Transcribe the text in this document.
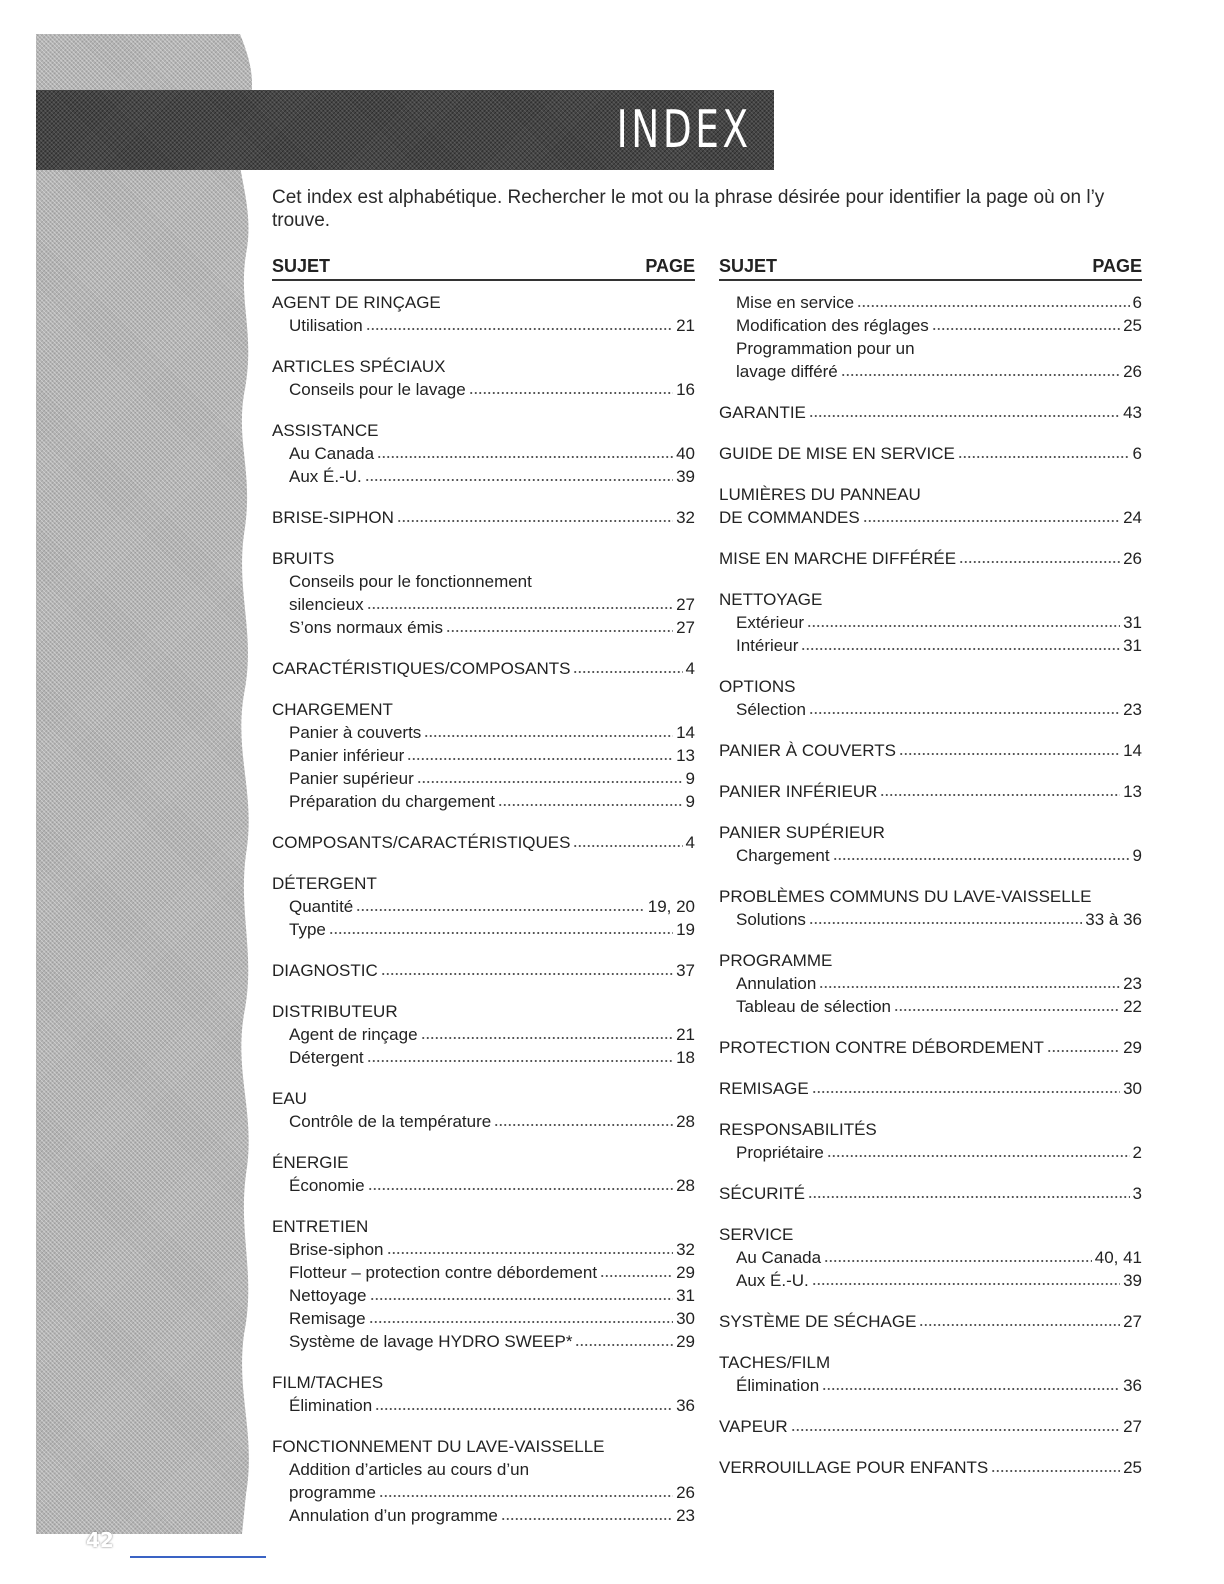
42
INDEX
Cet index est alphabétique. Rechercher le mot ou la phrase désirée pour identifier la page où on l’y trouve.
SUJET	PAGE
AGENT DE RINÇAGE
Utilisation	21
ARTICLES SPÉCIAUX
Conseils pour le lavage	16
ASSISTANCE
Au Canada	40
Aux É.-U.	39
BRISE-SIPHON	32
BRUITS
Conseils pour le fonctionnement
silencieux	27
S’ons normaux émis	27
CARACTÉRISTIQUES/COMPOSANTS	4
CHARGEMENT
Panier à couverts	14
Panier inférieur	13
Panier supérieur	9
Préparation du chargement	9
COMPOSANTS/CARACTÉRISTIQUES	4
DÉTERGENT
Quantité	19, 20
Type	19
DIAGNOSTIC	37
DISTRIBUTEUR
Agent de rinçage	21
Détergent	18
EAU
Contrôle de la température	28
ÉNERGIE
Économie	28
ENTRETIEN
Brise-siphon	32
Flotteur – protection contre débordement	29
Nettoyage	31
Remisage	30
Système de lavage HYDRO SWEEP*	29
FILM/TACHES
Élimination	36
FONCTIONNEMENT DU LAVE-VAISSELLE
Addition d’articles au cours d’un
programme	26
Annulation d’un programme	23
SUJET	PAGE
Mise en service	6
Modification des réglages	25
Programmation pour un
lavage différé	26
GARANTIE	43
GUIDE DE MISE EN SERVICE	6
LUMIÈRES DU PANNEAU
DE COMMANDES	24
MISE EN MARCHE DIFFÉRÉE	26
NETTOYAGE
Extérieur	31
Intérieur	31
OPTIONS
Sélection	23
PANIER À COUVERTS	14
PANIER INFÉRIEUR	13
PANIER SUPÉRIEUR
Chargement	9
PROBLÈMES COMMUNS DU LAVE-VAISSELLE
Solutions	33 à 36
PROGRAMME
Annulation	23
Tableau de sélection	22
PROTECTION CONTRE DÉBORDEMENT	29
REMISAGE	30
RESPONSABILITÉS
Propriétaire	2
SÉCURITÉ	3
SERVICE
Au Canada	40, 41
Aux É.-U.	39
SYSTÈME DE SÉCHAGE	27
TACHES/FILM
Élimination	36
VAPEUR	27
VERROUILLAGE POUR ENFANTS	25
